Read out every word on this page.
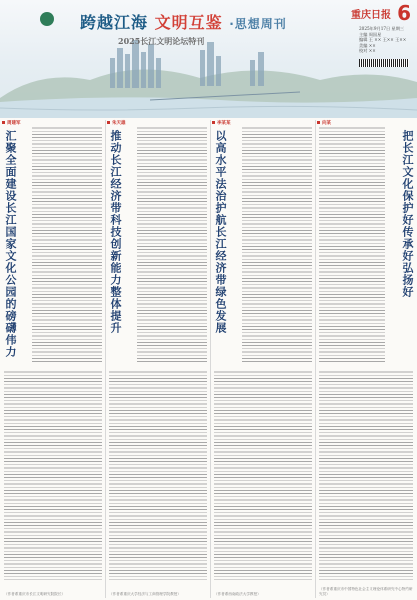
跨越江海 文明互鉴 ·思想周刊
2025长江文明论坛特刊
重庆日报 6
2025年9月17日 星期三
主编 周国星
编辑 王 ×× 王×× 王××
美编 ××
校对 ××
周建军
汇聚全面建设长江国家文化公园的磅礴伟力
（作者系重庆市长江文明研究院院长）
朱天雄
推动长江经济带科技创新能力整体提升
（作者系重庆大学经济与工商管理学院教授）
李某某
以高水平法治护航长江经济带绿色发展
（作者系西南政法大学教授）
向某
把长江文化保护好传承好弘扬好
（作者系重庆市中国特色社会主义理论体系研究中心特约研究员）
